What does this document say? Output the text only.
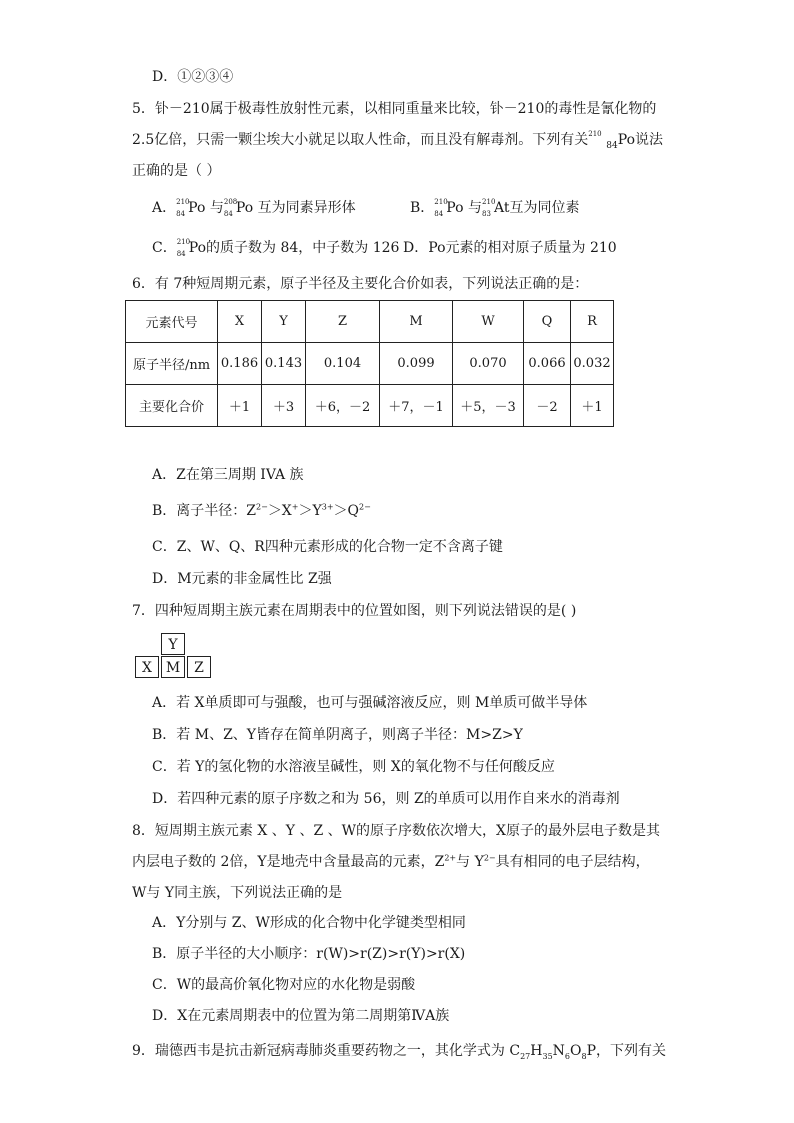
D．①②③④
5．钋－210属于极毒性放射性元素，以相同重量来比较，钋－210的毒性是氰化物的
2.5亿倍，只需一颗尘埃大小就足以取人性命，而且没有解毒剂。下列有关 210
$_{84}$Po说法
正确的是（ ）
A． 210
84 Po 与 208
84 Po 互为同素异形体	B． 210
84 Po 与 210
83 At互为同位素
C． 210
84 Po的质子数为 84，中子数为 126 D．Po元素的相对原子质量为 210
6．有 7种短周期元素，原子半径及主要化合价如表，下列说法正确的是：
元素代号	X	Y	Z	M	W	Q	R
原子半径/nm	0.186	0.143	0.104	0.099	0.070	0.066	0.032
主要化合价	＋1	＋3	＋6，－2	＋7，－1	＋5，－3	－2	＋1
A．Z在第三周期 IVA 族
B．离子半径：$Z^{2-}>X^+>Y^{3+}>Q^{2-}$
C．Z、W、Q、R四种元素形成的化合物一定不含离子键
D．M元素的非金属性比 Z强
7．四种短周期主族元素在周期表中的位置如图，则下列说法错误的是( )
Y
X M Z
A．若 X单质即可与强酸，也可与强碱溶液反应，则 M单质可做半导体
B．若 M、Z、Y皆存在简单阴离子，则离子半径：M>Z>Y
C．若 Y的氢化物的水溶液呈碱性，则 X的氧化物不与任何酸反应
D．若四种元素的原子序数之和为 56，则 Z的单质可以用作自来水的消毒剂
8．短周期主族元素 X 、Y 、Z 、W的原子序数依次增大，X原子的最外层电子数是其
内层电子数的 2倍，Y是地壳中含量最高的元素，$Z^{2+}$与 $Y^{2-}$具有相同的电子层结构，
W与 Y同主族，下列说法正确的是
A．Y分别与 Z、W形成的化合物中化学键类型相同
B．原子半径的大小顺序：r(W)>r(Z)>r(Y)>r(X)
C．W的最高价氧化物对应的水化物是弱酸
D．X在元素周期表中的位置为第二周期第ⅣA族
9．瑞德西韦是抗击新冠病毒肺炎重要药物之一，其化学式为 $C_{27}H_{35}N_6O_8P$，下列有关
